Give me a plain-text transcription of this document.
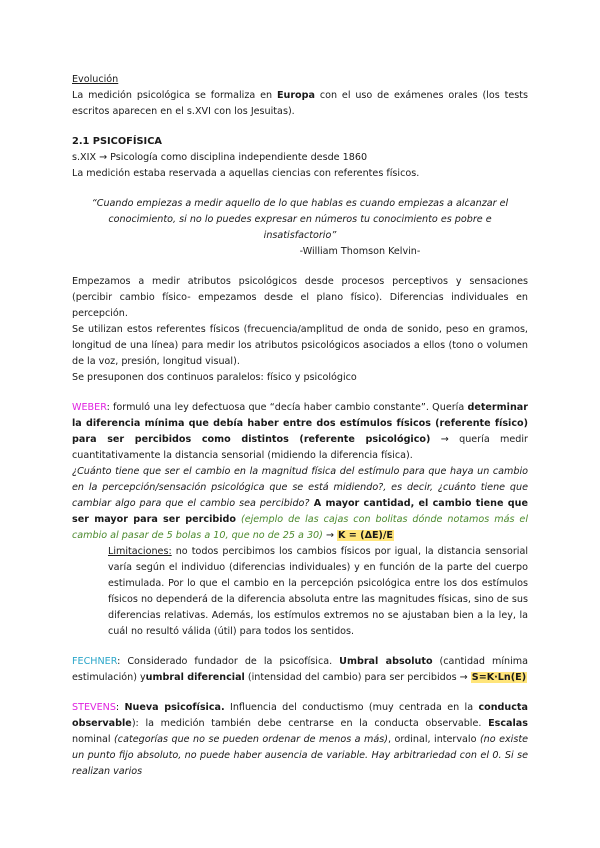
Evolución
La medición psicológica se formaliza en Europa con el uso de exámenes orales (los tests escritos aparecen en el s.XVI con los Jesuitas).

2.1 PSICOFÍSICA
s.XIX → Psicología como disciplina independiente desde 1860
La medición estaba reservada a aquellas ciencias con referentes físicos.

“Cuando empiezas a medir aquello de lo que hablas es cuando empiezas a alcanzar el conocimiento, si no lo puedes expresar en números tu conocimiento es pobre e insatisfactorio”

-William Thomson Kelvin-

Empezamos a medir atributos psicológicos desde procesos perceptivos y sensaciones (percibir cambio físico- empezamos desde el plano físico). Diferencias individuales en percepción.

Se utilizan estos referentes físicos (frecuencia/amplitud de onda de sonido, peso en gramos, longitud de una línea) para medir los atributos psicológicos asociados a ellos (tono o volumen de la voz, presión, longitud visual).

Se presuponen dos continuos paralelos: físico y psicológico

WEBER: formuló una ley defectuosa que “decía haber cambio constante”. Quería determinar la diferencia mínima que debía haber entre dos estímulos físicos (referente físico) para ser percibidos como distintos (referente psicológico) → quería medir cuantitativamente la distancia sensorial (midiendo la diferencia física).

¿Cuánto tiene que ser el cambio en la magnitud física del estímulo para que haya un cambio en la percepción/sensación psicológica que se está midiendo?, es decir, ¿cuánto tiene que cambiar algo para que el cambio sea percibido? A mayor cantidad, el cambio tiene que ser mayor para ser percibido (ejemplo de las cajas con bolitas dónde notamos más el cambio al pasar de 5 bolas a 10, que no de 25 a 30) → K = (ΔE)/E

Limitaciones: no todos percibimos los cambios físicos por igual, la distancia sensorial varía según el individuo (diferencias individuales) y en función de la parte del cuerpo estimulada. Por lo que el cambio en la percepción psicológica entre los dos estímulos físicos no dependerá de la diferencia absoluta entre las magnitudes físicas, sino de sus diferencias relativas. Además, los estímulos extremos no se ajustaban bien a la ley, la cuál no resultó válida (útil) para todos los sentidos.

FECHNER: Considerado fundador de la psicofísica. Umbral absoluto (cantidad mínima estimulación) yumbral diferencial (intensidad del cambio) para ser percibidos → S=K·Ln(E)

STEVENS: Nueva psicofísica. Influencia del conductismo (muy centrada en la conducta observable): la medición también debe centrarse en la conducta observable. Escalas nominal (categorías que no se pueden ordenar de menos a más), ordinal, intervalo (no existe un punto fijo absoluto, no puede haber ausencia de variable. Hay arbitrariedad con el 0. Si se realizan varios
